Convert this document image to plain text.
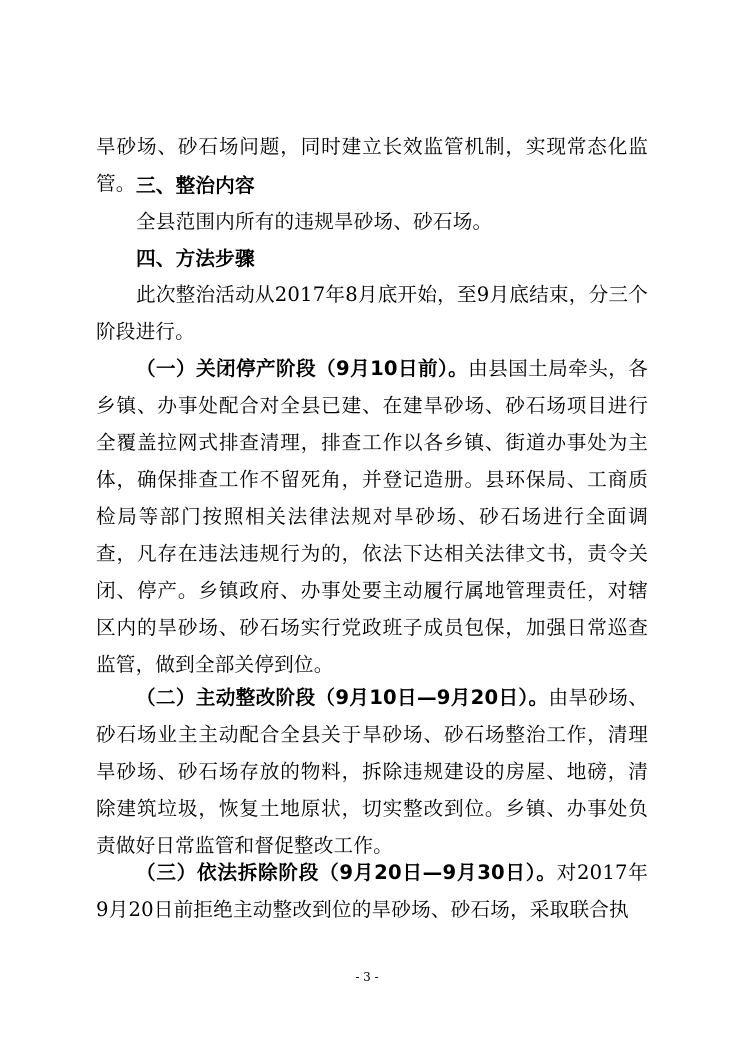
旱砂场、砂石场问题，同时建立长效监管机制，实现常态化监管。 三、整治内容

全县范围内所有的违规旱砂场、砂石场。

四、方法步骤

此次整治活动从2017年8月底开始，至9月底结束，分三个阶段进行。

（一）关闭停产阶段（9月10日前）。由县国土局牵头，各乡镇、办事处配合对全县已建、在建旱砂场、砂石场项目进行全覆盖拉网式排查清理，排查工作以各乡镇、街道办事处为主体，确保排查工作不留死角，并登记造册。县环保局、工商质检局等部门按照相关法律法规对旱砂场、砂石场进行全面调查，凡存在违法违规行为的，依法下达相关法律文书，责令关闭、停产。乡镇政府、办事处要主动履行属地管理责任，对辖区内的旱砂场、砂石场实行党政班子成员包保，加强日常巡查监管，做到全部关停到位。

（二）主动整改阶段（9月10日—9月20日）。由旱砂场、砂石场业主主动配合全县关于旱砂场、砂石场整治工作，清理旱砂场、砂石场存放的物料，拆除违规建设的房屋、地磅，清除建筑垃圾，恢复土地原状，切实整改到位。乡镇、办事处负责做好日常监管和督促整改工作。

（三）依法拆除阶段（9月20日—9月30日）。对2017年9月20日前拒绝主动整改到位的旱砂场、砂石场，采取联合执

- 3 -
